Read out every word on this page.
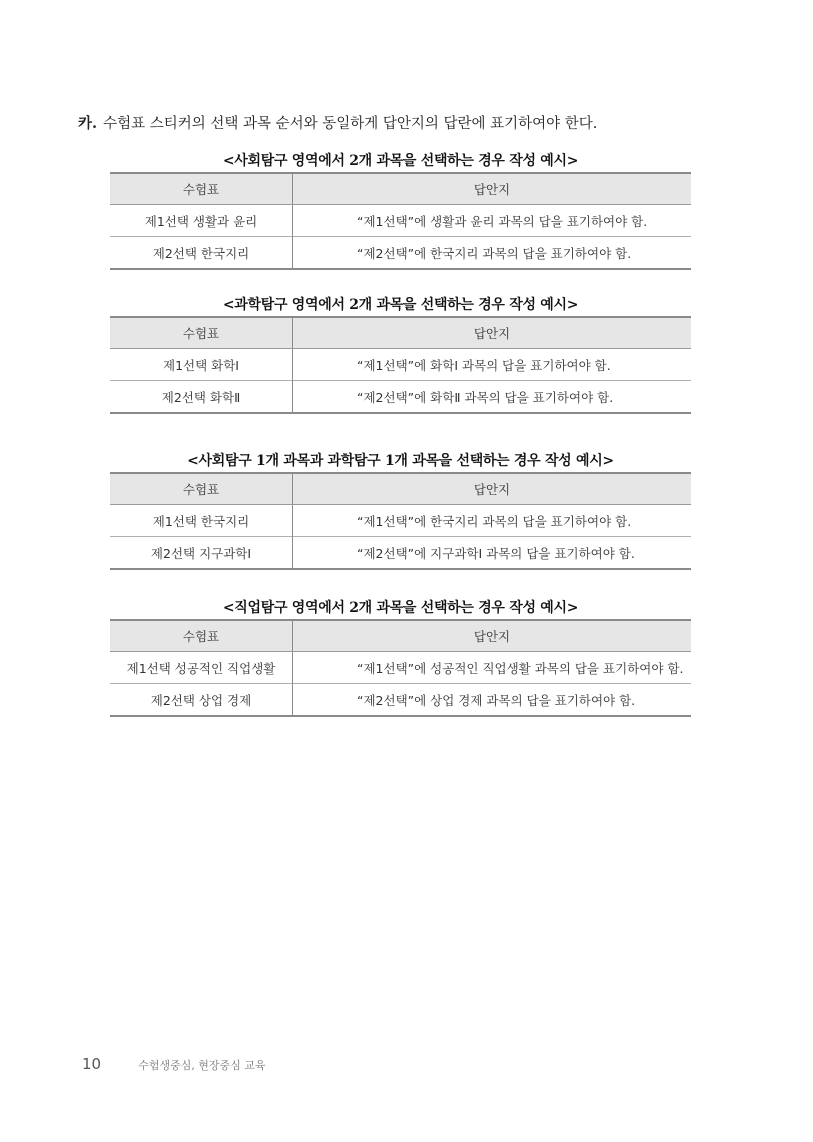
카. 수험표 스티커의 선택 과목 순서와 동일하게 답안지의 답란에 표기하여야 한다.
<사회탐구 영역에서 2개 과목을 선택하는 경우 작성 예시>
수험표	답안지
제1선택 생활과 윤리	“제1선택”에 생활과 윤리 과목의 답을 표기하여야 함.
제2선택 한국지리	“제2선택”에 한국지리 과목의 답을 표기하여야 함.
<과학탐구 영역에서 2개 과목을 선택하는 경우 작성 예시>
수험표	답안지
제1선택 화학Ⅰ	“제1선택”에 화학Ⅰ 과목의 답을 표기하여야 함.
제2선택 화학Ⅱ	“제2선택”에 화학Ⅱ 과목의 답을 표기하여야 함.
<사회탐구 1개 과목과 과학탐구 1개 과목을 선택하는 경우 작성 예시>
수험표	답안지
제1선택 한국지리	“제1선택”에 한국지리 과목의 답을 표기하여야 함.
제2선택 지구과학Ⅰ	“제2선택”에 지구과학Ⅰ 과목의 답을 표기하여야 함.
<직업탐구 영역에서 2개 과목을 선택하는 경우 작성 예시>
수험표	답안지
제1선택 성공적인 직업생활	“제1선택”에 성공적인 직업생활 과목의 답을 표기하여야 함.
제2선택 상업 경제	“제2선택”에 상업 경제 과목의 답을 표기하여야 함.
10	수험생중심, 현장중심 교육
